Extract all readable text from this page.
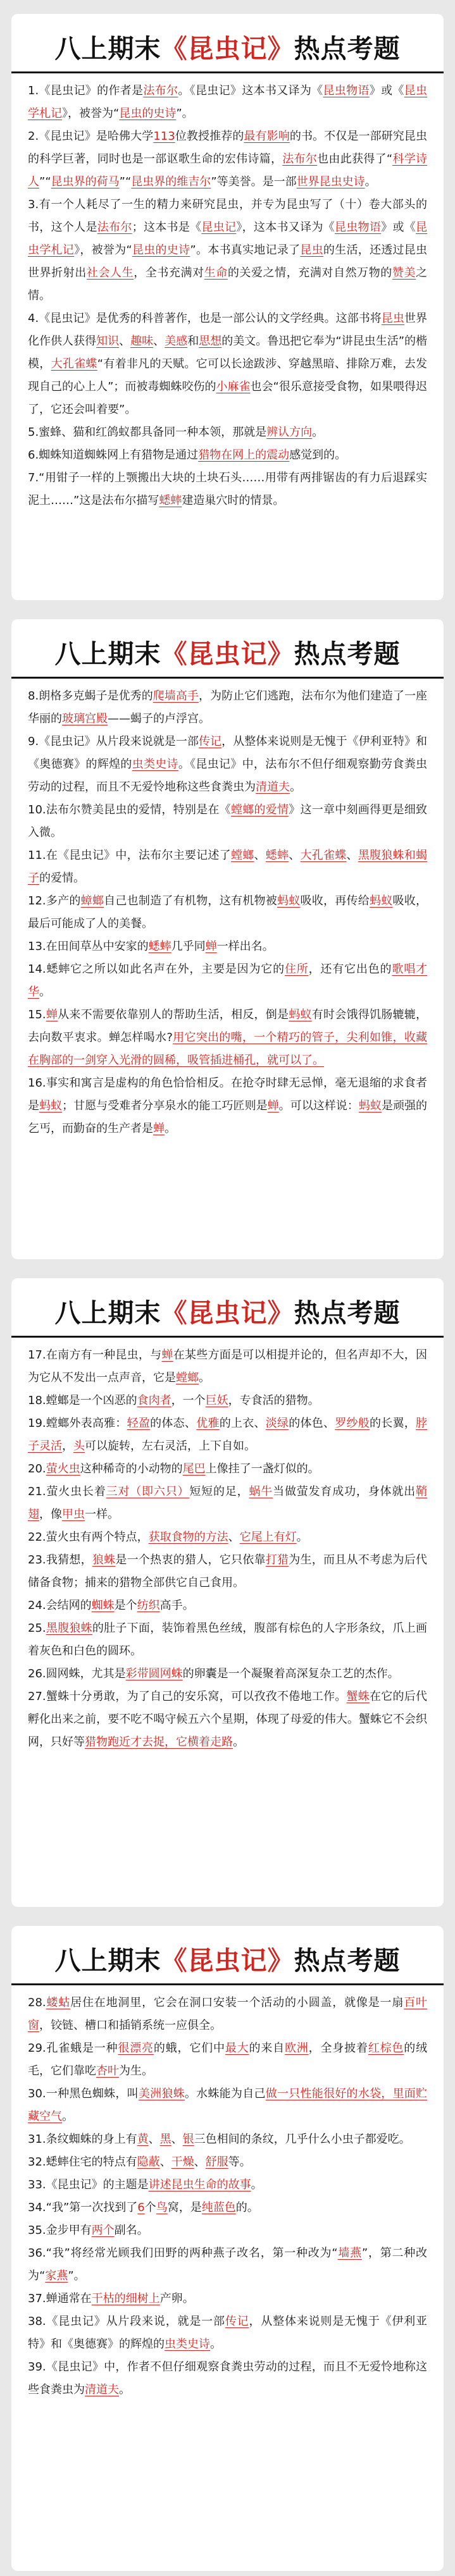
八上期末《昆虫记》热点考题
1.《昆虫记》的作者是法布尔。《昆虫记》这本书又译为《昆虫物语》或《昆虫学札记》，被誉为“昆虫的史诗”。
2.《昆虫记》是哈佛大学113位教授推荐的最有影响的书。不仅是一部研究昆虫的科学巨著，同时也是一部讴歌生命的宏伟诗篇，法布尔也由此获得了“科学诗人”“昆虫界的荷马”“昆虫界的维吉尔”等美誉。是一部世界昆虫史诗。
3.有一个人耗尽了一生的精力来研究昆虫，并专为昆虫写了（十）卷大部头的书，这个人是法布尔；这本书是《昆虫记》，这本书又译为《昆虫物语》或《昆虫学札记》，被誉为“昆虫的史诗”。本书真实地记录了昆虫的生活，还透过昆虫世界折射出社会人生，全书充满对生命的关爱之情，充满对自然万物的赞美之情。
4.《昆虫记》是优秀的科普著作，也是一部公认的文学经典。这部书将昆虫世界化作供人获得知识、趣味、美感和思想的美文。鲁迅把它奉为“讲昆虫生活”的楷模，大孔雀蝶“有着非凡的天赋。它可以长途跋涉、穿越黑暗、排除万难，去发现自己的心上人”；而被毒蜘蛛咬伤的小麻雀也会“很乐意接受食物，如果喂得迟了，它还会叫着要”。
5.蜜蜂、猫和红鸽蚁都具备同一种本领，那就是辨认方向。
6.蜘蛛知道蜘蛛网上有猎物是通过猎物在网上的震动感觉到的。
7.“用钳子一样的上颚搬出大块的土块石头……用带有两排锯齿的有力后退踩实泥土……”这是法布尔描写蟋蟀建造巢穴时的情景。
八上期末《昆虫记》热点考题
8.朗格多克蝎子是优秀的爬墙高手，为防止它们逃跑，法布尔为他们建造了一座华丽的玻璃宫殿——蝎子的卢浮宫。
9.《昆虫记》从片段来说就是一部传记，从整体来说则是无愧于《伊利亚特》和《奥德赛》的辉煌的虫类史诗。《昆虫记》中，法布尔不但仔细观察勤劳食粪虫劳动的过程，而且不无爱怜地称这些食粪虫为清道夫。
10.法布尔赞美昆虫的爱情，特别是在《螳螂的爱情》这一章中刻画得更是细致入微。
11.在《昆虫记》中，法布尔主要记述了螳螂、蟋蟀、大孔雀蝶、黑腹狼蛛和蝎子的爱情。
12.多产的蟑螂自己也制造了有机物，这有机物被蚂蚁吸收，再传给蚂蚁吸收，最后可能成了人的美餐。
13.在田间草丛中安家的蟋蟀几乎同蝉一样出名。
14.蟋蟀它之所以如此名声在外，主要是因为它的住所，还有它出色的歌唱才华。
15.蝉从来不需要依靠别人的帮助生活，相反，倒是蚂蚁有时会饿得饥肠辘辘，去向数平衷求。蝉怎样喝水?用它突出的嘴，一个精巧的管子，尖利如锥，收藏在胸部的一剑穿入光滑的圆稀，吸管插进桶孔，就可以了。
16.事实和寓言是虚构的角色恰恰相反。在抢夺时肆无忌惮，毫无退缩的求食者是蚂蚁；甘愿与受难者分享泉水的能工巧匠则是蝉。可以这样说：蚂蚁是顽强的乞丐，而勤奋的生产者是蝉。
八上期末《昆虫记》热点考题
17.在南方有一种昆虫，与蝉在某些方面是可以相提并论的，但名声却不大，因为它从不发出一点声音，它是螳螂。
18.螳螂是一个凶恶的食肉者，一个巨妖，专食活的猎物。
19.螳螂外表高雅：轻盈的体态、优雅的上衣、淡绿的体色、罗纱般的长翼，脖子灵活，头可以旋转，左右灵活，上下自如。
20.萤火虫这种稀奇的小动物的尾巴上像挂了一盏灯似的。
21.萤火虫长着三对（即六只）短短的足，蜗牛当做萤发育成功，身体就出鞘翅，像甲虫一样。
22.萤火虫有两个特点，获取食物的方法、它尾上有灯。
23.我猜想，狼蛛是一个热衷的猎人，它只依靠打猎为生，而且从不考虑为后代储备食物；捕来的猎物全部供它自己食用。
24.会结网的蜘蛛是个纺织高手。
25.黑腹狼蛛的肚子下面，装饰着黑色丝绒，腹部有棕色的人字形条纹，爪上画着灰色和白色的圆环。
26.圆网蛛，尤其是彩带圆网蛛的卵囊是一个凝聚着高深复杂工艺的杰作。
27.蟹蛛十分勇敢，为了自己的安乐窝，可以孜孜不倦地工作。蟹蛛在它的后代孵化出来之前，要不吃不喝守候五六个星期，体现了母爱的伟大。蟹蛛它不会织网，只好等猎物跑近才去捉，它横着走路。
八上期末《昆虫记》热点考题
28.蝼蛄居住在地洞里，它会在洞口安装一个活动的小圆盖，就像是一扇百叶窗，铰链、槽口和插销系统一应俱全。
29.孔雀蛾是一种很漂亮的蛾，它们中最大的来自欧洲，全身披着红棕色的绒毛，它们靠吃杏叶为生。
30.一种黑色蜘蛛，叫美洲狼蛛。水蛛能为自己做一只性能很好的水袋，里面贮藏空气。
31.条纹蜘蛛的身上有黄、黑、银三色相间的条纹，几乎什么小虫子都爱吃。
32.蟋蟀住宅的特点有隐蔽、干燥、舒服等。
33.《昆虫记》的主题是讲述昆虫生命的故事。
34.“我”第一次找到了6个鸟窝，是纯蓝色的。
35.金步甲有两个副名。
36.“我”将经常光顾我们田野的两种燕子改名，第一种改为“墙燕”，第二种改为“家燕”。
37.蝉通常在干枯的细树上产卵。
38.《昆虫记》从片段来说，就是一部传记，从整体来说则是无愧于《伊利亚特》和《奥德赛》的辉煌的虫类史诗。
39.《昆虫记》中，作者不但仔细观察食粪虫劳动的过程，而且不无爱怜地称这些食粪虫为清道夫。
